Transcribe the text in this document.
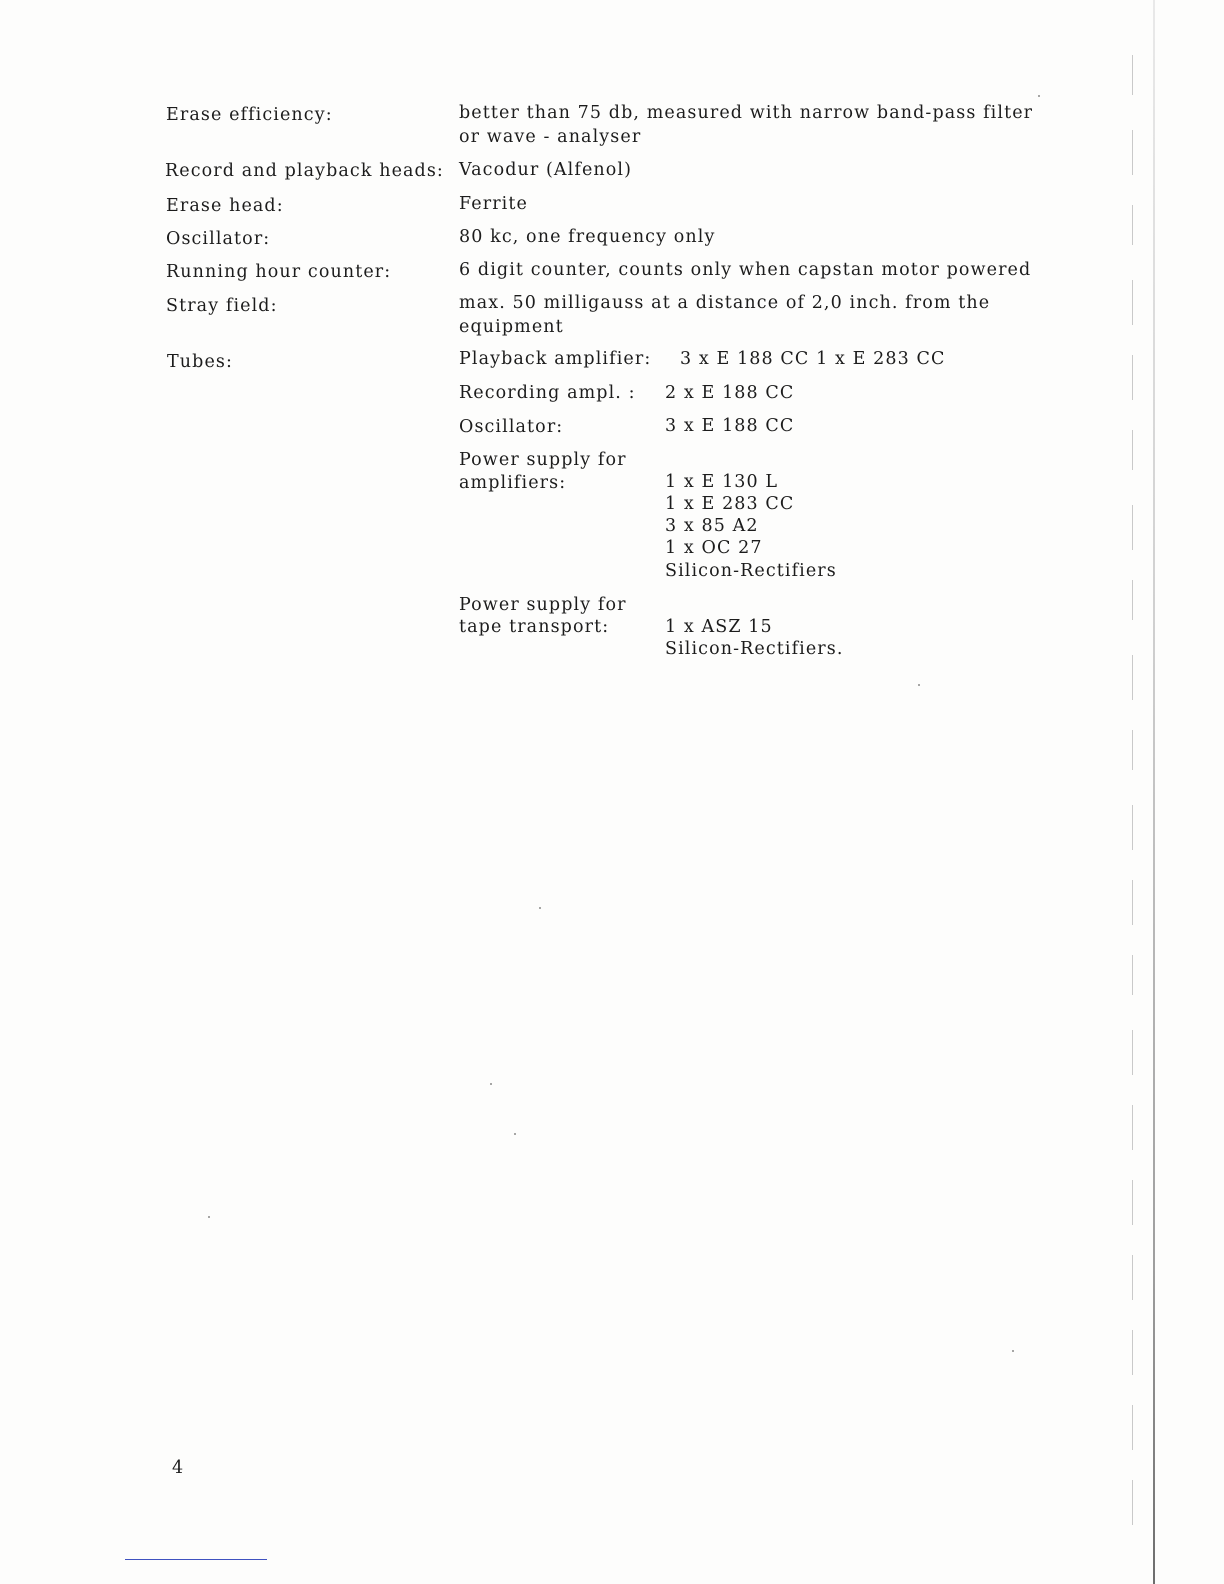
Erase efficiency:	better than 75 db, measured with narrow band-pass filter
or wave - analyser
Record and playback heads: Vacodur (Alfenol)
Erase head:	Ferrite
Oscillator:	80 kc, one frequency only
Running hour counter:	6 digit counter, counts only when capstan motor powered
Stray field:	max. 50 milligauss at a distance of 2,0 inch. from the
equipment
Tubes:	Playback amplifier: 3 x E 188 CC 1 x E 283 CC
Recording ampl. : 2 x E 188 CC
Oscillator:	3 x E 188 CC
Power supply for
amplifiers:	1 x E 130 L
1 x E 283 CC
3 x 85 A2
1 x OC 27
Silicon-Rectifiers
Power supply for
tape transport:	1 x ASZ 15
Silicon-Rectifiers.
4
